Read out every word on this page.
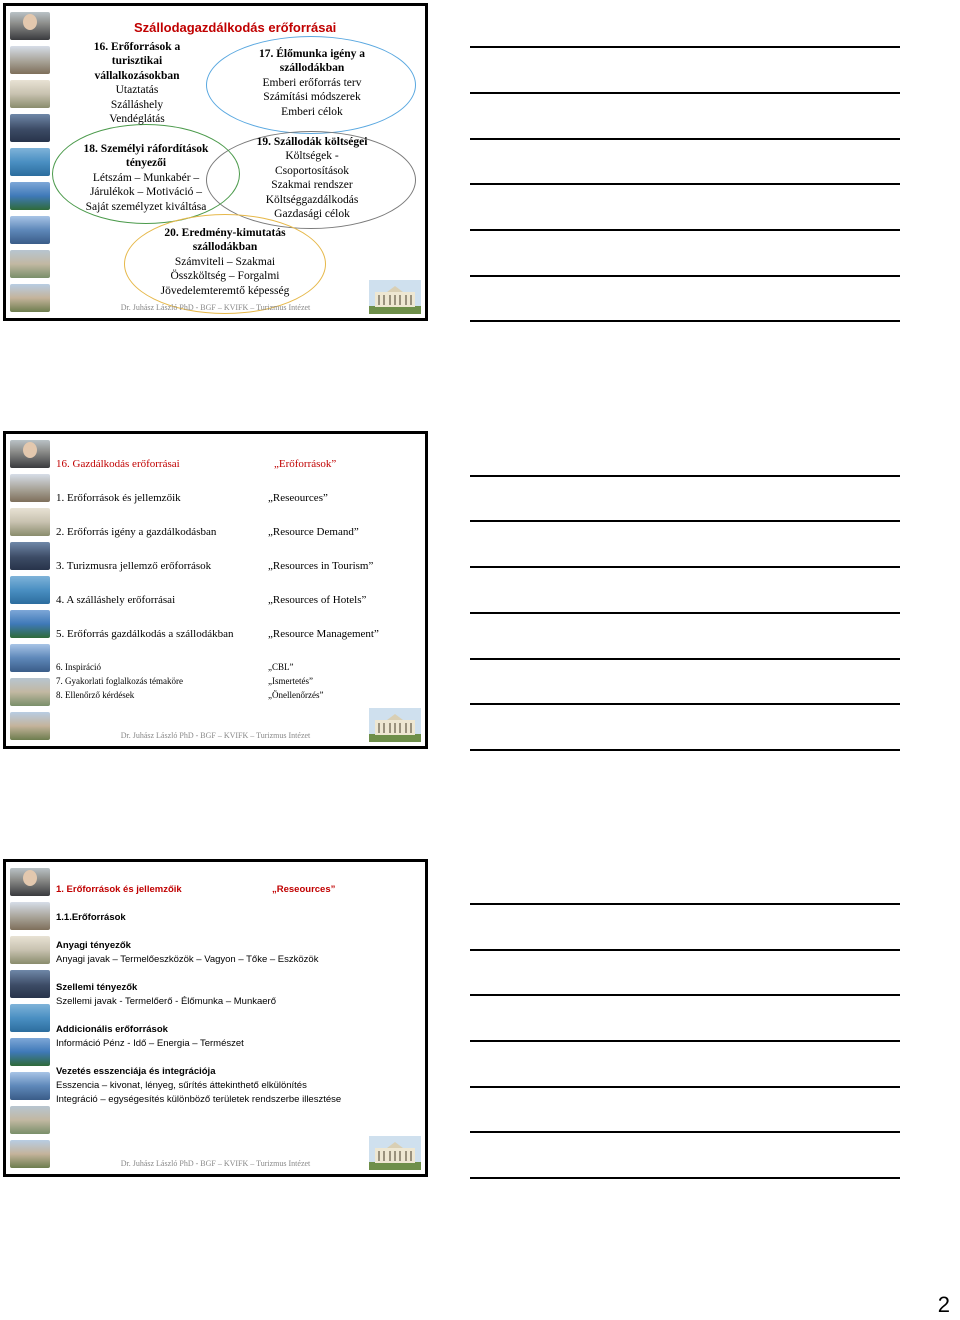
Szállodagazdálkodás erőforrásai
16. Erőforrások a
turisztikai
vállalkozásokban
Utaztatás
Szálláshely
Vendéglátás
17. Élőmunka igény a
szállodákban
Emberi erőforrás terv
Számítási módszerek
Emberi célok
18. Személyi ráfordítások
tényezői
Létszám – Munkabér –
Járulékok – Motiváció –
Saját személyzet kiváltása
19. Szállodák költségei
Költségek -
Csoportosítások
Szakmai rendszer
Költséggazdálkodás
Gazdasági célok
20. Eredmény-kimutatás
szállodákban
Számviteli – Szakmai
Összköltség – Forgalmi
Jövedelemteremtő képesség
Dr. Juhász László PhD - BGF – KVIFK – Turizmus Intézet
16. Gazdálkodás erőforrásai	„Erőforrások”
1. Erőforrások és jellemzőik	„Reseources”
2. Erőforrás igény a gazdálkodásban	„Resource Demand”
3. Turizmusra jellemző erőforrások	„Resources in Tourism”
4. A szálláshely erőforrásai	„Resources of Hotels”
5. Erőforrás gazdálkodás a szállodákban	„Resource Management”
6. Inspiráció	„CBL”
7. Gyakorlati foglalkozás témaköre	„Ismertetés”
8. Ellenőrző kérdések	„Önellenőrzés”
Dr. Juhász László PhD - BGF – KVIFK – Turizmus Intézet
1. Erőforrások és jellemzőik	„Reseources”
1.1.Erőforrások
Anyagi tényezők
Anyagi javak – Termelőeszközök – Vagyon – Tőke – Eszközök
Szellemi tényezők
Szellemi javak - Termelőerő - Élőmunka – Munkaerő
Addicionális erőforrások
Információ Pénz - Idő – Energia – Természet
Vezetés esszenciája és integrációja
Esszencia – kivonat, lényeg, sűrítés áttekinthető elkülönítés
Integráció – egységesítés különböző területek rendszerbe illesztése
Dr. Juhász László PhD - BGF – KVIFK – Turizmus Intézet
2
